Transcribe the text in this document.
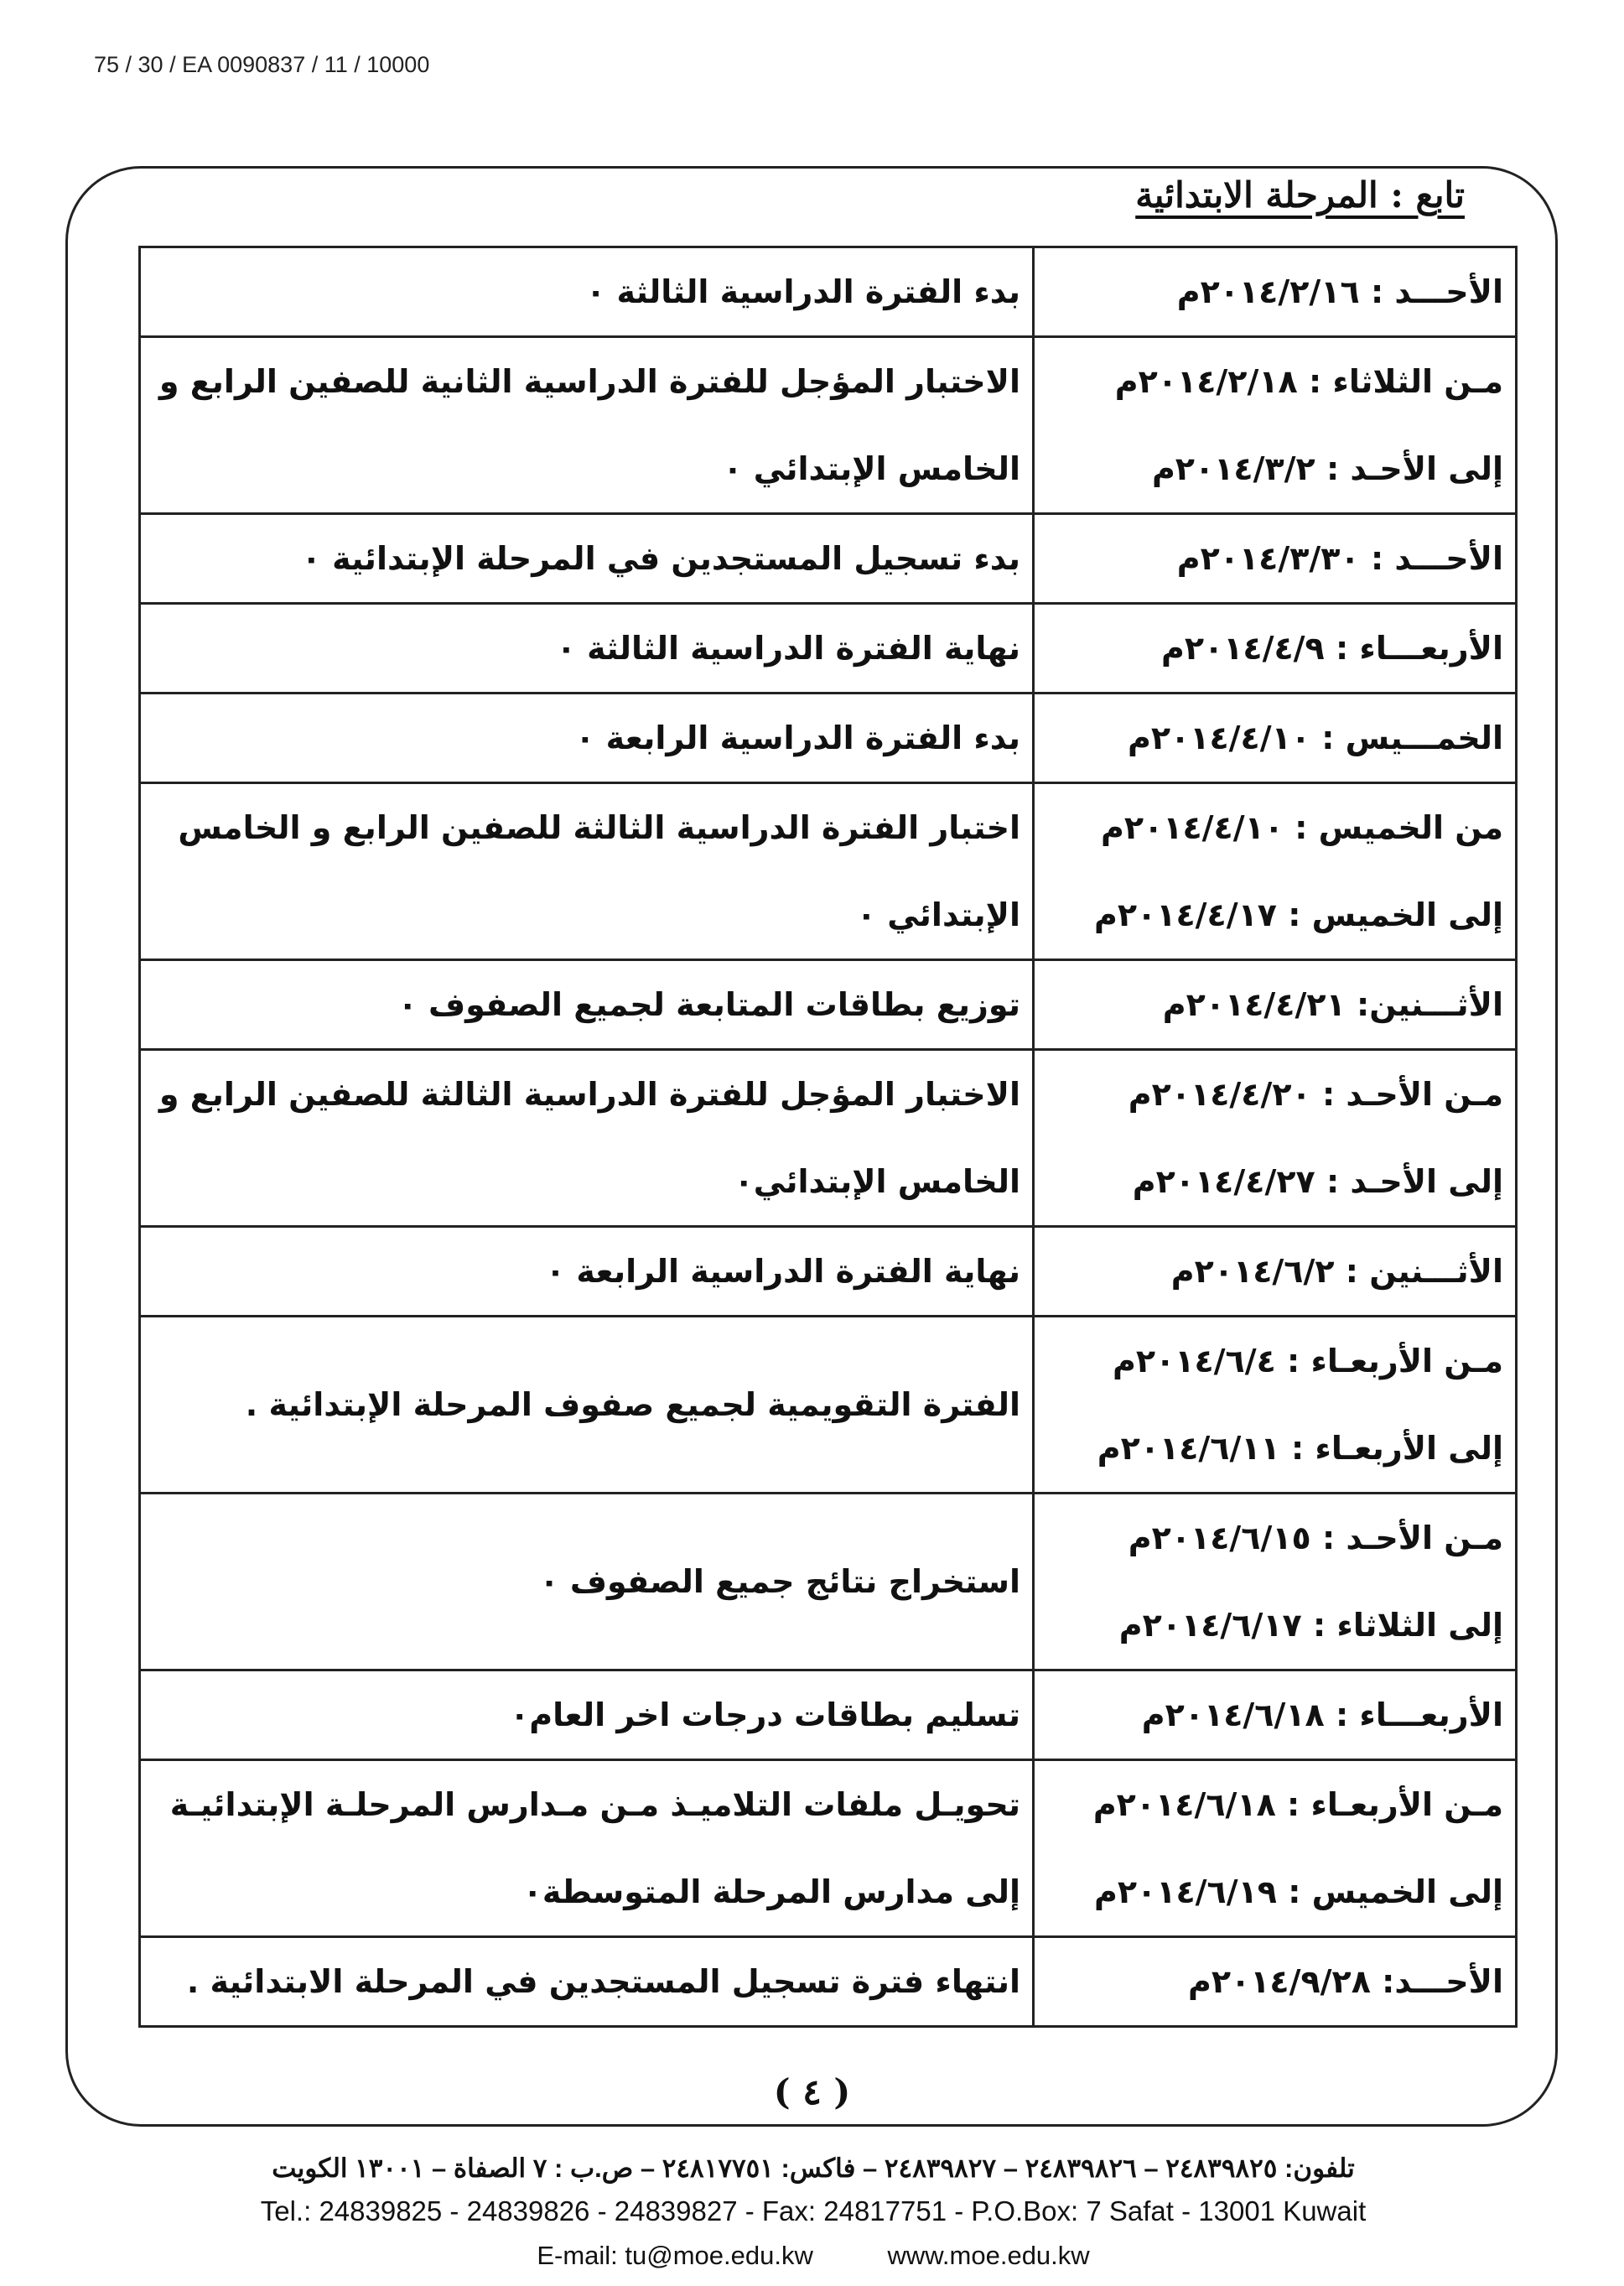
75 / 30 / EA 0090837 / 11 / 10000
تابع : المرحلة الابتدائية
الأحـــد : ٢٠١٤/٢/١٦م	بدء الفترة الدراسية الثالثة ٠

مـن الثلاثاء : ٢٠١٤/٢/١٨م
إلى الأحـد : ٢٠١٤/٣/٢م	الاختبار المؤجل للفترة الدراسية الثانية للصفين الرابع و الخامس الإبتدائي ٠

الأحـــد : ٢٠١٤/٣/٣٠م	بدء تسجيل المستجدين في المرحلة الإبتدائية ٠

الأربعـــاء : ٢٠١٤/٤/٩م	نهاية الفترة الدراسية الثالثة ٠

الخمـــيس : ٢٠١٤/٤/١٠م	بدء الفترة الدراسية الرابعة ٠

من الخميس : ٢٠١٤/٤/١٠م
إلى الخميس : ٢٠١٤/٤/١٧م	اختبار الفترة الدراسية الثالثة للصفين الرابع و الخامس الإبتدائي ٠

الأثـــنين: ٢٠١٤/٤/٢١م	توزيع بطاقات المتابعة لجميع الصفوف ٠

مـن الأحـد : ٢٠١٤/٤/٢٠م
إلى الأحـد : ٢٠١٤/٤/٢٧م	الاختبار المؤجل للفترة الدراسية الثالثة للصفين الرابع و الخامس الإبتدائي٠

الأثـــنين : ٢٠١٤/٦/٢م	نهاية الفترة الدراسية الرابعة ٠

مـن الأربعـاء : ٢٠١٤/٦/٤م
إلى الأربعـاء : ٢٠١٤/٦/١١م	الفترة التقويمية لجميع صفوف المرحلة الإبتدائية .

مـن الأحـد : ٢٠١٤/٦/١٥م
إلى الثلاثاء : ٢٠١٤/٦/١٧م	استخراج نتائج جميع الصفوف ٠

الأربعـــاء : ٢٠١٤/٦/١٨م	تسليم بطاقات درجات اخر العام٠

مـن الأربعـاء : ٢٠١٤/٦/١٨م
إلى الخميس : ٢٠١٤/٦/١٩م	تحويـل ملفات التلاميـذ مـن مـدارس المرحلـة الإبتدائيـة إلى مدارس المرحلة المتوسطة٠

الأحـــد: ٢٠١٤/٩/٢٨م	انتهاء فترة تسجيل المستجدين في المرحلة الابتدائية .
( ٤ )
تلفون: ٢٤٨٣٩٨٢٥ – ٢٤٨٣٩٨٢٦ – ٢٤٨٣٩٨٢٧ – فاكس: ٢٤٨١٧٧٥١ – ص.ب : ٧ الصفاة – ١٣٠٠١ الكويت
Tel.: 24839825 - 24839826 - 24839827 - Fax: 24817751 - P.O.Box: 7 Safat - 13001 Kuwait
E-mail: tu@moe.edu.kw	www.moe.edu.kw
